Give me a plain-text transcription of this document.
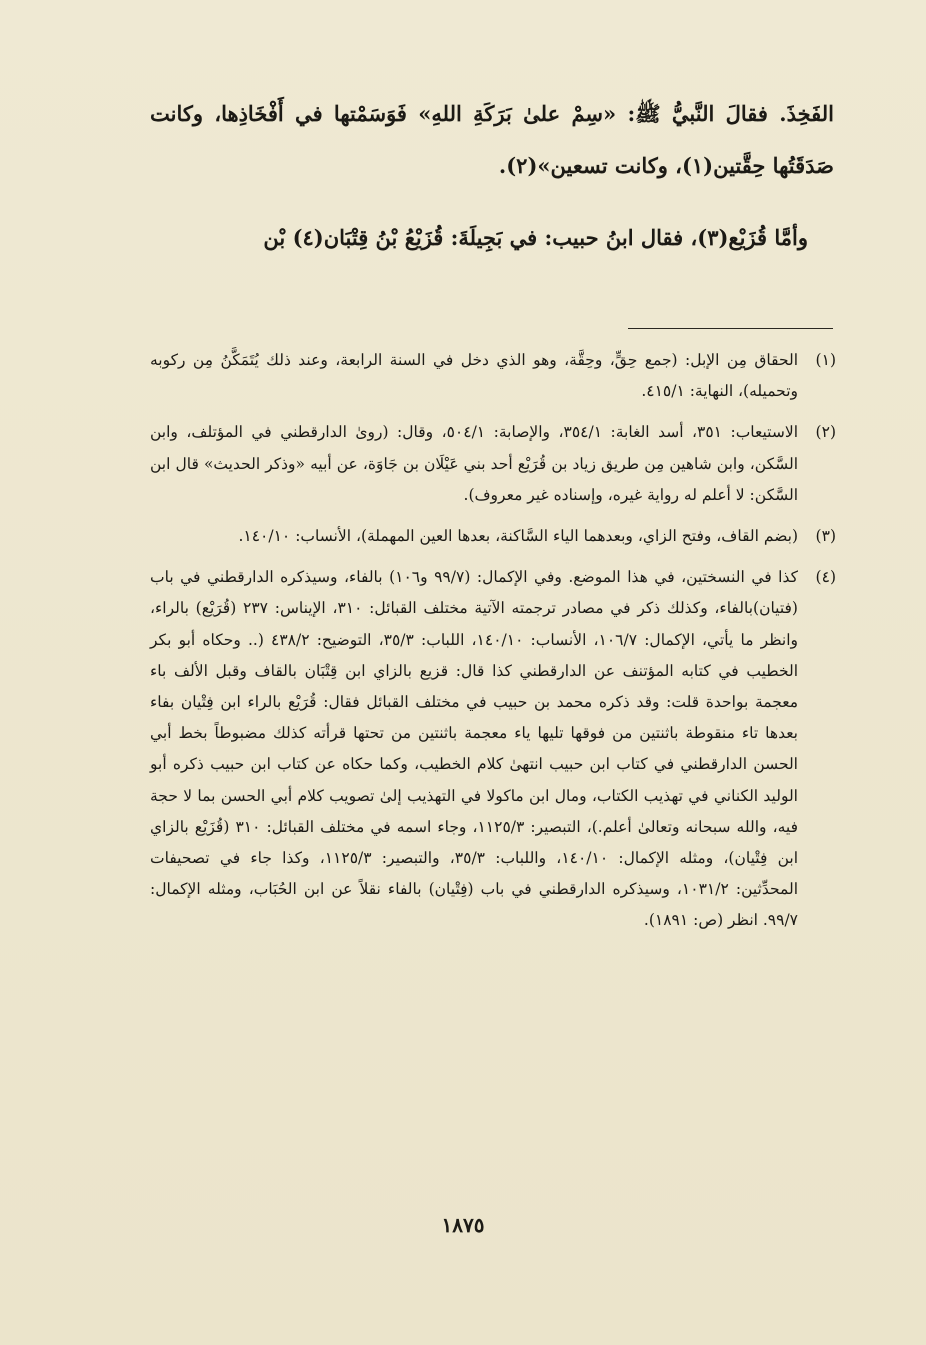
الفَخِذَ. فقالَ النَّبيُّ ﷺ: «سِمْ علىٰ بَرَكَةِ اللهِ» فَوَسَمْتها في أَفْخَاذِها، وكانت صَدَقَتُها حِقَّتين(١)، وكانت تسعين»(٢).

وأمَّا قُزَيْع(٣)، فقال ابنُ حبيب: في بَجِيلَةَ: قُزَيْعُ بْنُ قِتْبَان(٤) بْن

(١)
الحقاق مِن الإبل: (جمع حِقٍّ، وحِقَّة، وهو الذي دخل في السنة الرابعة، وعند ذلك يُتَمَكَّنُ مِن ركوبه وتحميله)، النهاية: ٤١٥/١.
(٢)
الاستيعاب: ٣٥١، أسد الغابة: ٣٥٤/١، والإصابة: ٥٠٤/١، وقال: (روىٰ الدارقطني في المؤتلف، وابن السَّكن، وابن شاهين مِن طريق زياد بن قُرَيْع أحد بني عَيْلَان بن جَاوَة، عن أبيه «وذكر الحديث» قال ابن السَّكن: لا أعلم له رواية غيره، وإسناده غير معروف).
(٣)
(بضم القاف، وفتح الزاي، وبعدهما الياء السَّاكنة، بعدها العين المهملة)، الأنساب: ١٤٠/١٠.
(٤)
كذا في النسختين، في هذا الموضع. وفي الإكمال: (٩٩/٧ و١٠٦) بالفاء، وسيذكره الدارقطني في باب (فتيان)بالفاء، وكذلك ذكر في مصادر ترجمته الآتية مختلف القبائل: ٣١٠، الإيناس: ٢٣٧ (قُرَيْع) بالراء، وانظر ما يأتي، الإكمال: ١٠٦/٧، الأنساب: ١٤٠/١٠، اللباب: ٣٥/٣، التوضيح: ٤٣٨/٢ (.. وحكاه أبو بكر الخطيب في كتابه المؤتنف عن الدارقطني كذا قال: قزيع بالزاي ابن قِتْبَان بالقاف وقبل الألف باء معجمة بواحدة قلت: وقد ذكره محمد بن حبيب في مختلف القبائل فقال: قُرَيْع بالراء ابن فِتْيان بفاء بعدها تاء منقوطة باثنتين من فوقها تليها ياء معجمة باثنتين من تحتها قرأته كذلك مضبوطاً بخط أبي الحسن الدارقطني في كتاب ابن حبيب انتهىٰ كلام الخطيب، وكما حكاه عن كتاب ابن حبيب ذكره أبو الوليد الكناني في تهذيب الكتاب، ومال ابن ماكولا في التهذيب إلىٰ تصويب كلام أبي الحسن بما لا حجة فيه، والله سبحانه وتعالىٰ أعلم.)، التبصير: ١١٢٥/٣، وجاء اسمه في مختلف القبائل: ٣١٠ (قُزَيْع بالزاي ابن فِتْيان)، ومثله الإكمال: ١٤٠/١٠، واللباب: ٣٥/٣، والتبصير: ١١٢٥/٣، وكذا جاء في تصحيفات المحدِّثين: ١٠٣١/٢، وسيذكره الدارقطني في باب (فِتْيان) بالفاء نقلاً عن ابن الحُبَاب، ومثله الإكمال: ٩٩/٧. انظر (ص: ١٨٩١).
١٨٧٥
